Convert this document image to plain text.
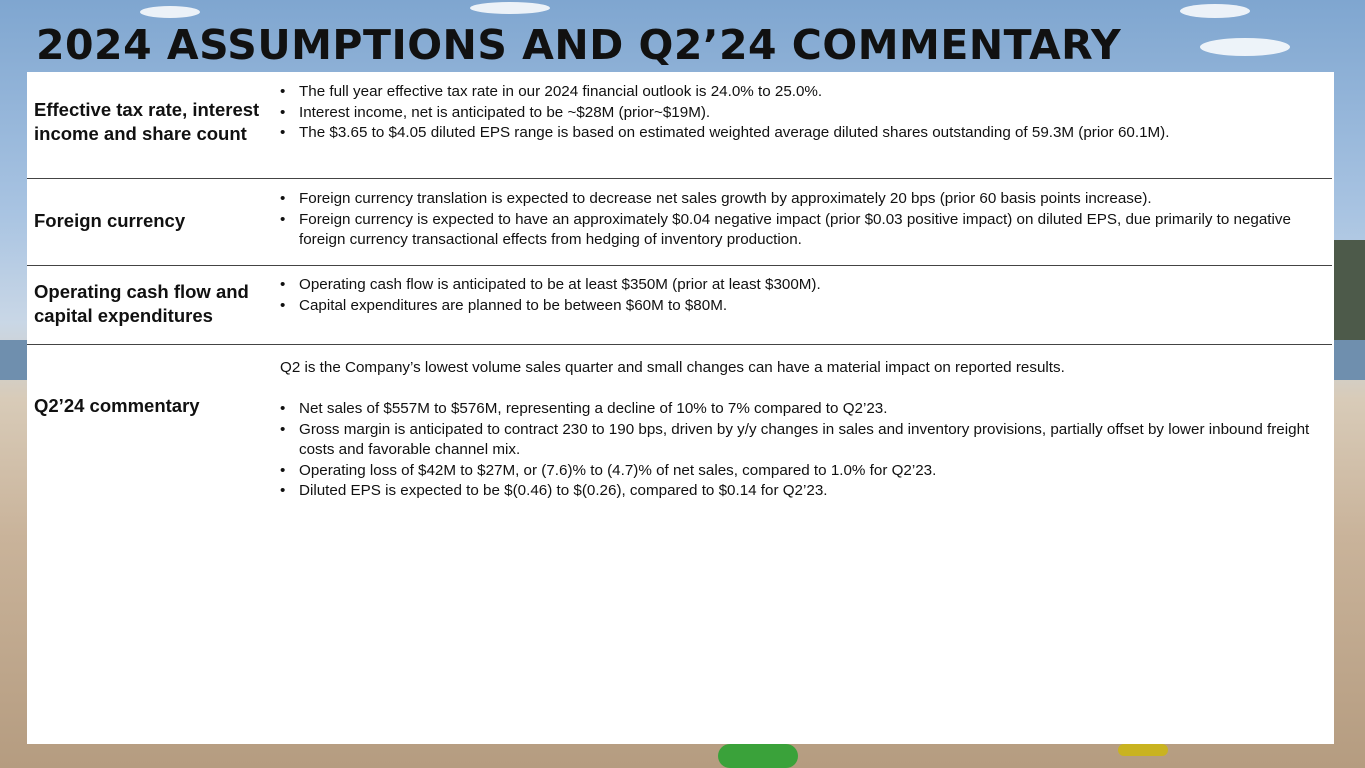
2024 ASSUMPTIONS AND Q2’24 COMMENTARY
Effective tax rate, interest income and share count
• The full year effective tax rate in our 2024 financial outlook is 24.0% to 25.0%.
• Interest income, net is anticipated to be ~$28M (prior~$19M).
• The $3.65 to $4.05 diluted EPS range is based on estimated weighted average diluted shares outstanding of 59.3M (prior 60.1M).
Foreign currency
• Foreign currency translation is expected to decrease net sales growth by approximately 20 bps (prior 60 basis points increase).
• Foreign currency is expected to have an approximately $0.04 negative impact (prior $0.03 positive impact) on diluted EPS, due primarily to negative foreign currency transactional effects from hedging of inventory production.
Operating cash flow and capital expenditures
• Operating cash flow is anticipated to be at least $350M (prior at least $300M).
• Capital expenditures are planned to be between $60M to $80M.
Q2’24 commentary

Q2 is the Company’s lowest volume sales quarter and small changes can have a material impact on reported results.

• Net sales of $557M to $576M, representing a decline of 10% to 7% compared to Q2’23.
• Gross margin is anticipated to contract 230 to 190 bps, driven by y/y changes in sales and inventory provisions, partially offset by lower inbound freight costs and favorable channel mix.
• Operating loss of $42M to $27M, or (7.6)% to (4.7)% of net sales, compared to 1.0% for Q2’23.
• Diluted EPS is expected to be $(0.46) to $(0.26), compared to $0.14 for Q2’23.
